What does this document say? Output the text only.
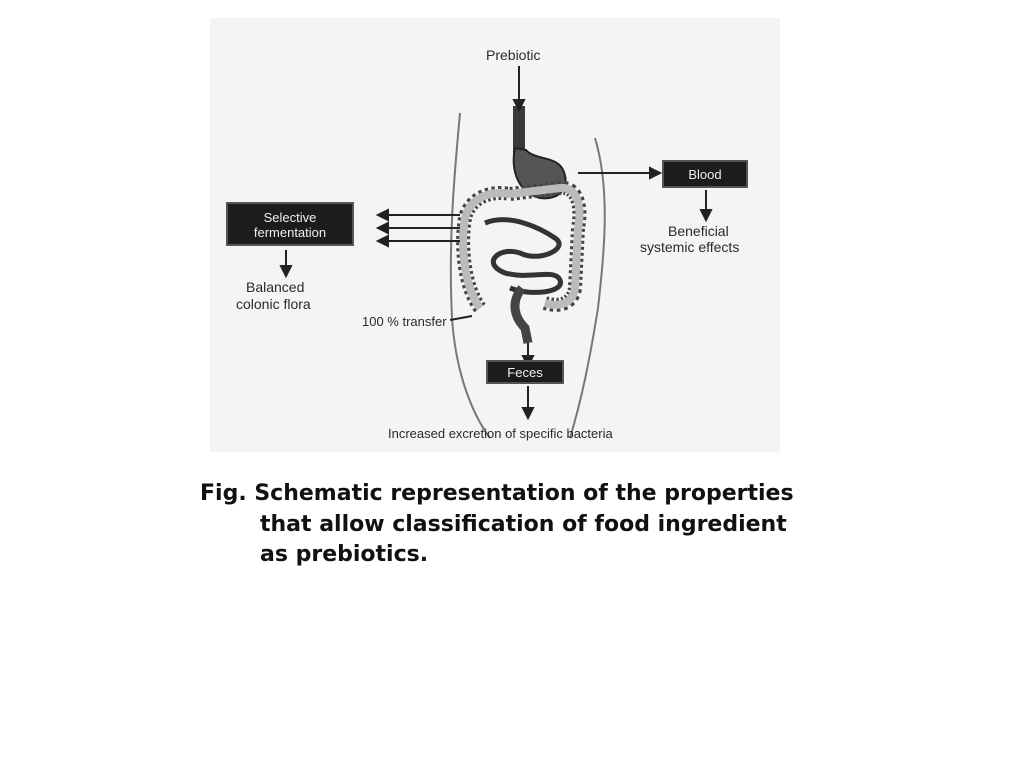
Prebiotic
Blood
Beneficial
systemic effects
Selective
fermentation
Balanced
colonic flora
100 % transfer
Feces
Increased excretion of specific bacteria
Fig. Schematic representation of the properties
that allow classification of food ingredient
as prebiotics.
